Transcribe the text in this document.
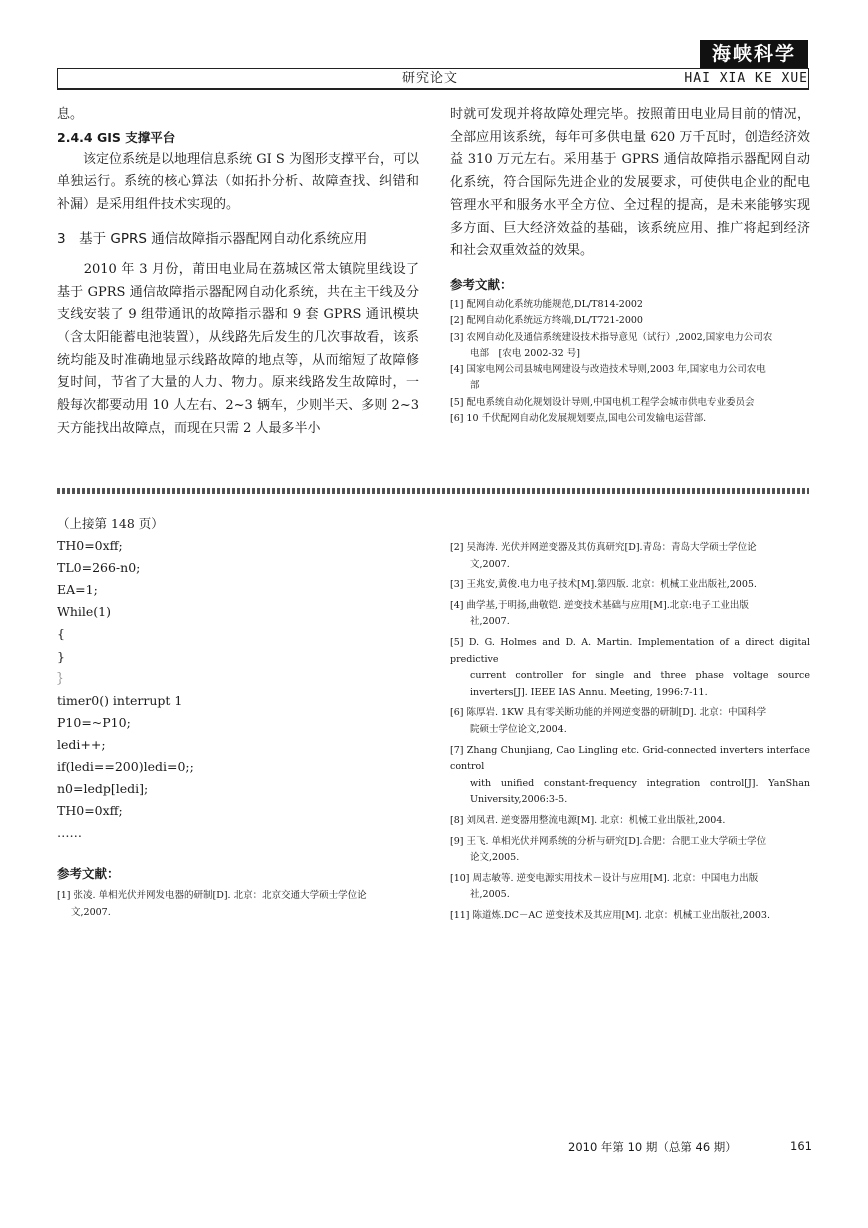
海峡科学
研究论文	HAI XIA KE XUE

息。

2.4.4 GIS 支撑平台

　　该定位系统是以地理信息系统 GI S 为图形支撑平台，可以单独运行。系统的核心算法（如拓扑分析、故障查找、纠错和补漏）是采用组件技术实现的。

3　基于 GPRS 通信故障指示器配网自动化系统应用

　　2010 年 3 月份，莆田电业局在荔城区常太镇院里线设了基于 GPRS 通信故障指示器配网自动化系统，共在主干线及分支线安装了 9 组带通讯的故障指示器和 9 套 GPRS 通讯模块（含太阳能蓄电池装置），从线路先后发生的几次事故看，该系统均能及时准确地显示线路故障的地点等，从而缩短了故障修复时间，节省了大量的人力、物力。原来线路发生故障时，一般每次都要动用 10 人左右、2~3 辆车，少则半天、多则 2~3 天方能找出故障点，而现在只需 2 人最多半小

时就可发现并将故障处理完毕。按照莆田电业局目前的情况，全部应用该系统，每年可多供电量 620 万千瓦时，创造经济效益 310 万元左右。采用基于 GPRS 通信故障指示器配网自动化系统，符合国际先进企业的发展要求，可使供电企业的配电管理水平和服务水平全方位、全过程的提高，是未来能够实现多方面、巨大经济效益的基础，该系统应用、推广将起到经济和社会双重效益的效果。

参考文献：

[1] 配网自动化系统功能规范,DL/T814-2002

[2] 配网自动化系统远方终端,DL/T721-2000

[3] 农网自动化及通信系统建设技术指导意见（试行）,2002,国家电力公司农

电部　[农电 2002-32 号]

[4] 国家电网公司县城电网建设与改造技术导则,2003 年,国家电力公司农电

部

[5] 配电系统自动化规划设计导则,中国电机工程学会城市供电专业委员会

[6] 10 千伏配网自动化发展规划要点,国电公司发输电运营部.

（上接第 148 页）

TH0=0xff;

TL0=266-n0;

EA=1;

While(1)

{

}

｝

timer0() interrupt 1

P10=~P10;

ledi++;

if(ledi==200)ledi=0;;

n0=ledp[ledi];

TH0=0xff;

……

参考文献：

[1] 张凌. 单相光伏并网发电器的研制[D]. 北京：北京交通大学硕士学位论

文,2007.

[2] 吴海涛. 光伏并网逆变器及其仿真研究[D].青岛：青岛大学硕士学位论
文,2007.

[3] 王兆安,黄俊.电力电子技术[M].第四版. 北京：机械工业出版社,2005.

[4] 曲学基,于明扬,曲敬铠. 逆变技术基础与应用[M].北京:电子工业出版
社,2007.

[5] D. G. Holmes and D. A. Martin. Implementation of a direct digital predictive
current controller for single and three phase voltage source inverters[J]. IEEE IAS Annu. Meeting, 1996:7-11.

[6] 陈厚岩. 1KW 具有零关断功能的并网逆变器的研制[D]. 北京：中国科学
院硕士学位论文,2004.

[7] Zhang Chunjiang, Cao Lingling etc. Grid-connected inverters interface control
with unified constant-frequency integration control[J]. YanShan University,2006:3-5.

[8] 刘凤君. 逆变器用整流电源[M]. 北京：机械工业出版社,2004.

[9] 王飞. 单相光伏并网系统的分析与研究[D].合肥：合肥工业大学硕士学位
论文,2005.

[10] 周志敏等. 逆变电源实用技术－设计与应用[M]. 北京：中国电力出版
社,2005.

[11] 陈道炼.DC－AC 逆变技术及其应用[M]. 北京：机械工业出版社,2003.

2010 年第 10 期（总第 46 期）	161
